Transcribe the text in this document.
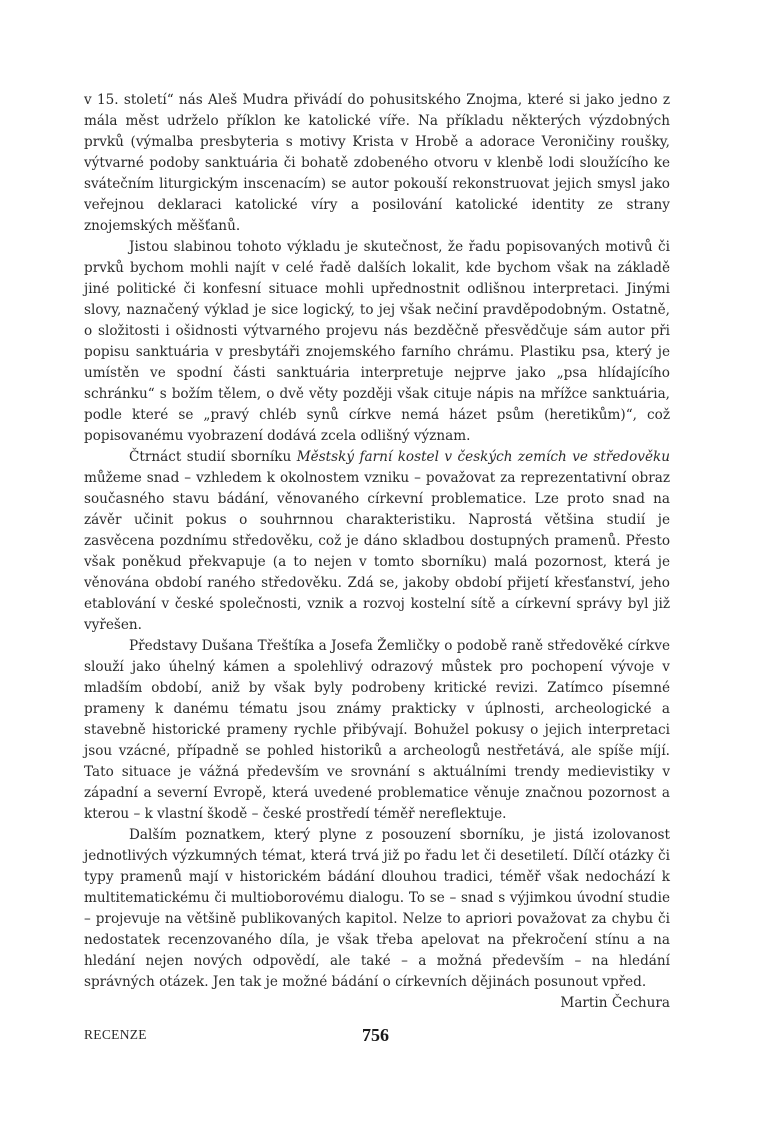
v 15. století“ nás Aleš Mudra přivádí do pohusitského Znojma, které si jako jedno z mála měst udrželo příklon ke katolické víře. Na příkladu některých výzdobných prvků (výmalba presbyteria s motivy Krista v Hrobě a adorace Veroničiny roušky, výtvarné podoby sanktuária či bohatě zdobeného otvoru v klenbě lodi sloužícího ke svátečním liturgickým inscenacím) se autor pokouší rekonstruovat jejich smysl jako veřejnou deklaraci katolické víry a posilování katolické identity ze strany znojemských měšťanů.

Jistou slabinou tohoto výkladu je skutečnost, že řadu popisovaných motivů či prvků bychom mohli najít v celé řadě dalších lokalit, kde bychom však na základě jiné politické či konfesní situace mohli upřednostnit odlišnou interpretaci. Jinými slovy, naznačený výklad je sice logický, to jej však nečiní pravděpodobným. Ostatně, o složitosti i ošidnosti výtvarného projevu nás bezděčně přesvědčuje sám autor při popisu sanktuária v presbytáři znojemského farního chrámu. Plastiku psa, který je umístěn ve spodní části sanktuária interpretuje nejprve jako „psa hlídajícího schránku“ s božím tělem, o dvě věty později však cituje nápis na mřížce sanktuária, podle které se „pravý chléb synů církve nemá házet psům (heretikům)“, což popisovanému vyobrazení dodává zcela odlišný význam.

Čtrnáct studií sborníku Městský farní kostel v českých zemích ve středověku můžeme snad – vzhledem k okolnostem vzniku – považovat za reprezentativní obraz současného stavu bádání, věnovaného církevní problematice. Lze proto snad na závěr učinit pokus o souhrnnou charakteristiku. Naprostá většina studií je zasvěcena pozdnímu středověku, což je dáno skladbou dostupných pramenů. Přesto však poněkud překvapuje (a to nejen v tomto sborníku) malá pozornost, která je věnována období raného středověku. Zdá se, jakoby období přijetí křesťanství, jeho etablování v české společnosti, vznik a rozvoj kostelní sítě a církevní správy byl již vyřešen.

Představy Dušana Třeštíka a Josefa Žemličky o podobě raně středověké církve slouží jako úhelný kámen a spolehlivý odrazový můstek pro pochopení vývoje v mladším období, aniž by však byly podrobeny kritické revizi. Zatímco písemné prameny k danému tématu jsou známy prakticky v úplnosti, archeologické a stavebně historické prameny rychle přibývají. Bohužel pokusy o jejich interpretaci jsou vzácné, případně se pohled historiků a archeologů nestřetává, ale spíše míjí. Tato situace je vážná především ve srovnání s aktuálními trendy medievistiky v západní a severní Evropě, která uvedené problematice věnuje značnou pozornost a kterou – k vlastní škodě – české prostředí téměř nereflektuje.

Dalším poznatkem, který plyne z posouzení sborníku, je jistá izolovanost jednotlivých výzkumných témat, která trvá již po řadu let či desetiletí. Dílčí otázky či typy pramenů mají v historickém bádání dlouhou tradici, téměř však nedochází k multitematickému či multioborovému dialogu. To se – snad s výjimkou úvodní studie – projevuje na většině publikovaných kapitol. Nelze to apriori považovat za chybu či nedostatek recenzovaného díla, je však třeba apelovat na překročení stínu a na hledání nejen nových odpovědí, ale také – a možná především – na hledání správných otázek. Jen tak je možné bádání o církevních dějinách posunout vpřed.

Martin Čechura

RECENZE	756
